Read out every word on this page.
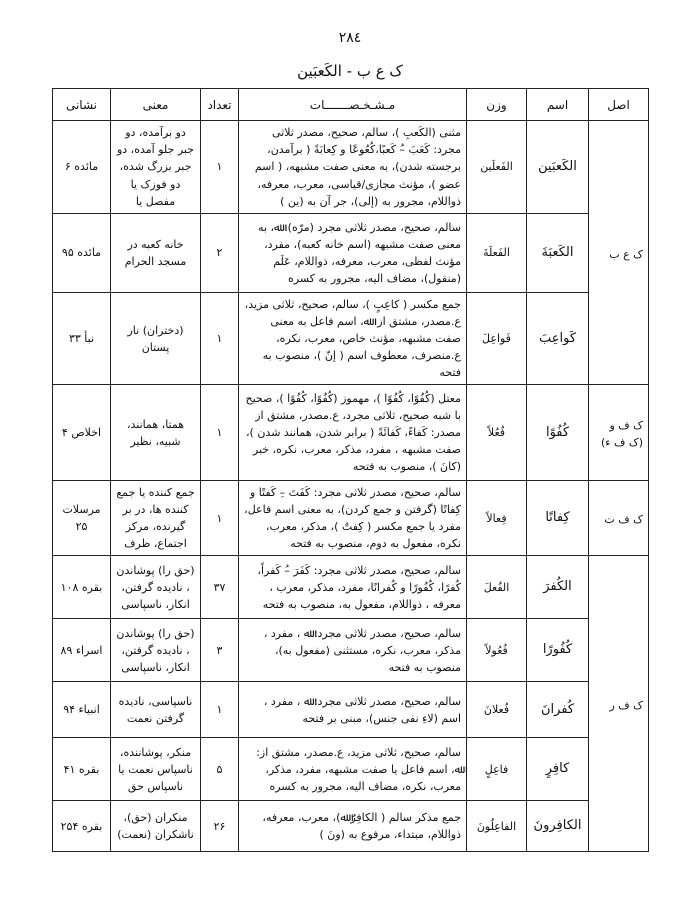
٢٨٤
ک ع ب - الكَعبَين
اصل	اسم	وزن	مـشـخـصـــــــات	تعداد	معنی	نشانی
ک ع ب	الكَعبَين	الفَعلَين	مثنی (الكَعبِ )، سالم، صحیح، مصدر ثلاثی مجرد: كَعَبَ –ُ كَعبًا،كُعُوعًا و كِعابَةً ( برآمدن، برجسته شدن)، به معنی صفت مشبهه، ( اسم عضو )، مؤنث مجازی/قیاسی، معرب، معرفه، ذواللام، مجرور به (إلى)، جر آن به (ین )	١	دو برآمده، دو جبر جلو آمده، دو جبر بزرگ شده، دو فوزک یا مفصل یا	مائده ۶
	الكَعبَةَ	الفَعلَةَ	سالم، صحیح، مصدر ثلاثی مجرد (مرّه): ﷲ، به معنی صفت مشبهه (اسم خانه کعبه)، مفرد، مؤنث لفظی، معرب، معرفه، ذواللام، عَلَم (منقول)، مضاف الیه، مجرور به کسره	٢	خانه کعبه در مسجد الحرام	مائده ۹۵
	كَواعِبَ	فَواعِلَ	جمع مکسر ( كاعِبٍ )، سالم، صحیح، ثلاثی مزید، ع.مصدر، مشتق از: ﷲ، اسم فاعل به معنی صفت مشبهه، مؤنث خاص، معرب، نکره، ع.منصرف، معطوف اسم ( إنّ )، منصوب به فتحه	١	(دختران) نار پستان	نبأ ۳۳
ک ف و (ک ف ء)	كُفُوًا	فُعُلاً	معتل (كُفُوًا، كُفُوًا )، مهموز (كُفُوًا، كُفُوًا )، صحیح با شبه صحیح، ثلاثی مجرد، ع.مصدر، مشتق از مصدر: كَفاءً، كَفائَةً ( برابر شدن، همانند شدن )، صفت مشبهه ، مفرد، مذكر، معرب، نكره، خبر (كانَ )، منصوب به فتحه	١	همتا، همانند، شبیه، نظیر	اخلاص ۴
ک ف ت	كِفاتًا	فِعالاً	سالم، صحیح، مصدر ثلاثی مجرد: كَفَتَ –ِ كَفتًا و كِفاتًا (گرفتن و جمع کردن)، به معنی اسم فاعل، مفرد یا جمع مکسر ( كِفتٌ )، مذكر، معرب، نكره، مفعول به دوم، منصوب به فتحه	١	جمع کننده یا جمع کننده ها، در بر گیرنده، مرکز اجتماع، ظرف	مرسلات ۲۵
ک ف ر	الكُفرَ	الفُعلَ	سالم، صحیح، مصدر ثلاثی مجرد: كَفَرَ –ُ كَفراً، كُفرًا، كُفُورًا و كُفرانًا، مفرد، مذكر، معرب ، معرفه ، ذواللام، مفعول به، منصوب به فتحه	٣٧	(حق را) پوشاندن ، نادیده گرفتن، انکار، ناسپاسی	بقره ۱۰۸
	كُفُورًا	فُعُولاً	سالم، صحیح، مصدر ثلاثی مجرد: ﷲ ، مفرد ، مذكر، معرب، نكره، مستثنی (مفعول به)، منصوب به فتحه	٣	(حق را) پوشاندن ، نادیده گرفتن، انکار، ناسپاسی	اسراء ۸۹
	كُفرانَ	فُعلانَ	سالم، صحیح، مصدر ثلاثی مجرد: ﷲ ، مفرد ، اسم (لاءِ نفی جنس)، مبنی بر فتحه	١	ناسپاسی، نادیده گرفتن نعمت	انبیاء ۹۴
	كافِرٍ	فاعِلٍ	سالم، صحیح، ثلاثی مزید، ع.مصدر، مشتق از: ﷲ، اسم فاعل یا صفت مشبهه، مفرد، مذكر، معرب، نكره، مضاف الیه، مجرور به کسره	۵	منکر، پوشاننده، ناسپاس نعمت یا ناسپاس حق	بقره ۴۱
	الكافِرونَ	الفاعِلُونَ	جمع مذکر سالم ( الكافِرُ ﷲ)، معرب، معرفه، ذواللام، مبتداء، مرفوع به (ونَ )	٢۶	منکران (حق)، ناشکران (نعمت)	بقره ۲۵۴
